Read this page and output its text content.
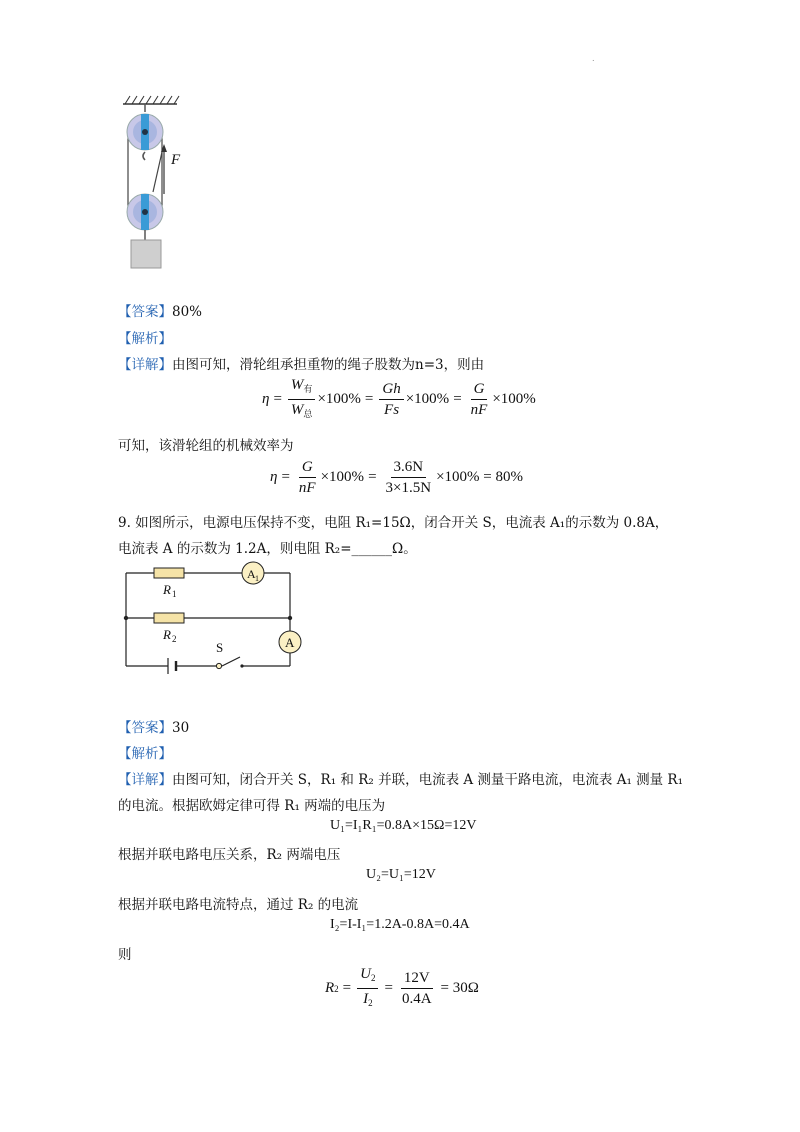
.
F
【答案】80%
【解析】
【详解】由图可知，滑轮组承担重物的绳子股数为n=3，则由
$\eta = \frac{W_有}{W_总} \times 100\% = \frac{Gh}{Fs} \times 100\% = \frac{G}{nF} \times 100\%$
可知，该滑轮组的机械效率为
$\eta = \frac{G}{nF} \times 100\% = \frac{3.6N}{3\times 1.5N} \times 100\% = 80\%$
9. 如图所示，电源电压保持不变，电阻 R₁=15Ω，闭合开关 S，电流表 A₁的示数为 0.8A，
电流表 A 的示数为 1.2A，则电阻 R₂=______Ω。
R 1
R 2
A 1
A
S
【答案】30
【解析】
【详解】由图可知，闭合开关 S，R₁ 和 R₂ 并联，电流表 A 测量干路电流，电流表 A₁ 测量 R₁
的电流。根据欧姆定律可得 R₁ 两端的电压为
U₁=I₁R₁=0.8A×15Ω=12V
根据并联电路电压关系，R₂ 两端电压
U₂=U₁=12V
根据并联电路电流特点，通过 R₂ 的电流
I₂=I-I₁=1.2A-0.8A=0.4A
则
R $2 = \frac{U_2}{I_2} = \frac{12V}{0.4A} = 30\Omega$
